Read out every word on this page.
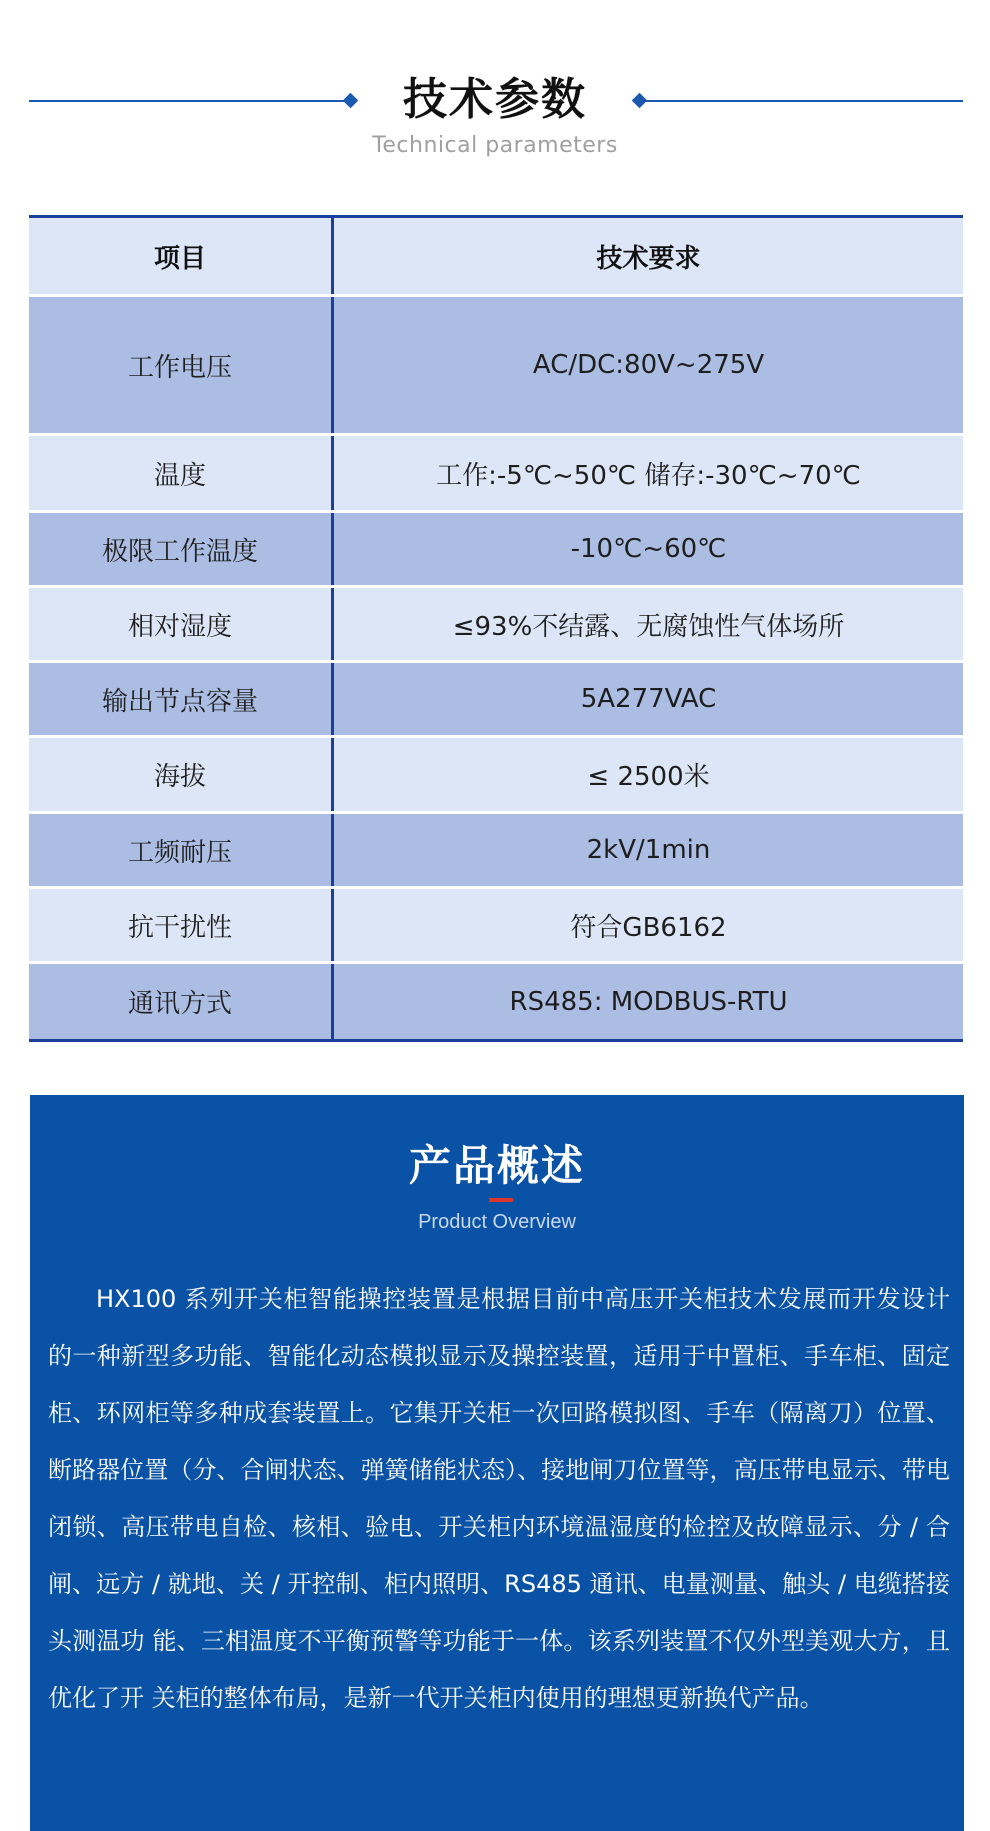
技术参数
Technical parameters
项目	技术要求
工作电压	AC/DC:80V~275V
温度	工作:-5℃~50℃ 储存:-30℃~70℃
极限工作温度	-10℃~60℃
相对湿度	≤93%不结露、无腐蚀性气体场所
输出节点容量	5A277VAC
海拔	≤ 2500米
工频耐压	2kV/1min
抗干扰性	符合GB6162
通讯方式	RS485: MODBUS-RTU
产品概述
Product Overview

HX100 系列开关柜智能操控装置是根据目前中高压开关柜技术发展而开发设计的一种新型多功能、智能化动态模拟显示及操控装置，适用于中置柜、手车柜、固定柜、环网柜等多种成套装置上。它集开关柜一次回路模拟图、手车（隔离刀）位置、断路器位置（分、合闸状态、弹簧储能状态）、接地闸刀位置等，高压带电显示、带电闭锁、高压带电自检、核相、验电、开关柜内环境温湿度的检控及故障显示、分 / 合闸、远方 / 就地、关 / 开控制、柜内照明、RS485 通讯、电量测量、触头 / 电缆搭接头测温功 能、三相温度不平衡预警等功能于一体。该系列装置不仅外型美观大方，且优化了开 关柜的整体布局，是新一代开关柜内使用的理想更新换代产品。
